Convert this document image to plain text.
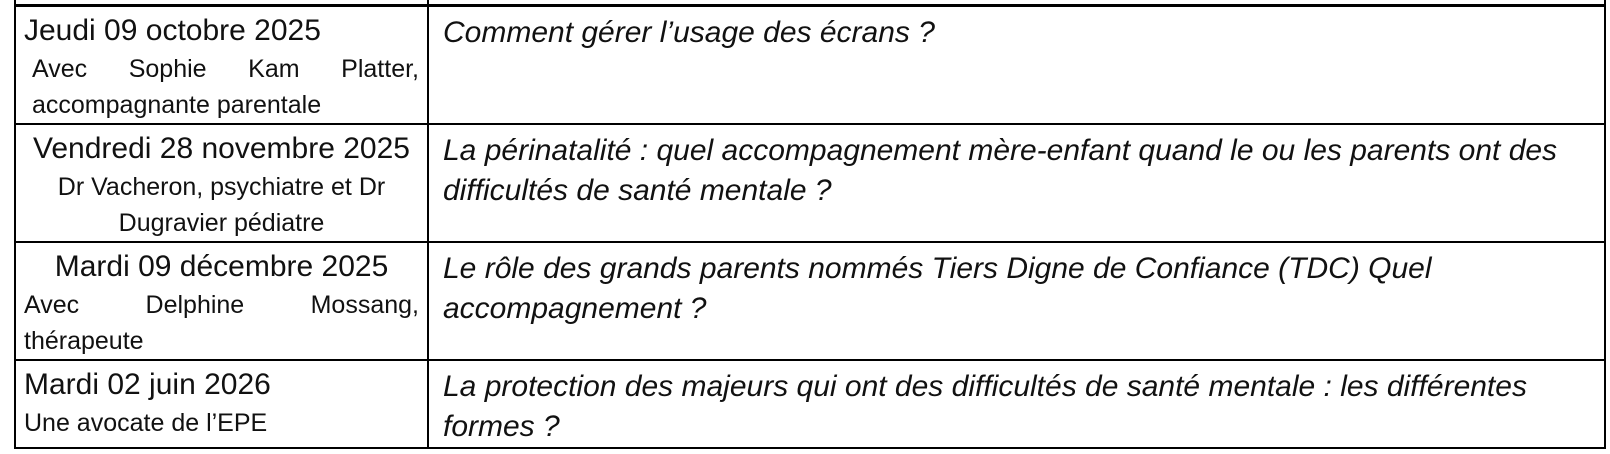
Jeudi 09 octobre 2025
Avec Sophie Kam Platter, accompagnante parentale	Comment gérer l’usage des écrans ?

Vendredi 28 novembre 2025
Dr Vacheron, psychiatre et Dr Dugravier pédiatre	La périnatalité : quel accompagnement mère-enfant quand le ou les parents ont des difficultés de santé mentale ?

Mardi 09 décembre 2025
Avec Delphine Mossang, thérapeute	Le rôle des grands parents nommés Tiers Digne de Confiance (TDC) Quel accompagnement ?

Mardi 02 juin 2026
Une avocate de l’EPE	La protection des majeurs qui ont des difficultés de santé mentale : les différentes formes ?
